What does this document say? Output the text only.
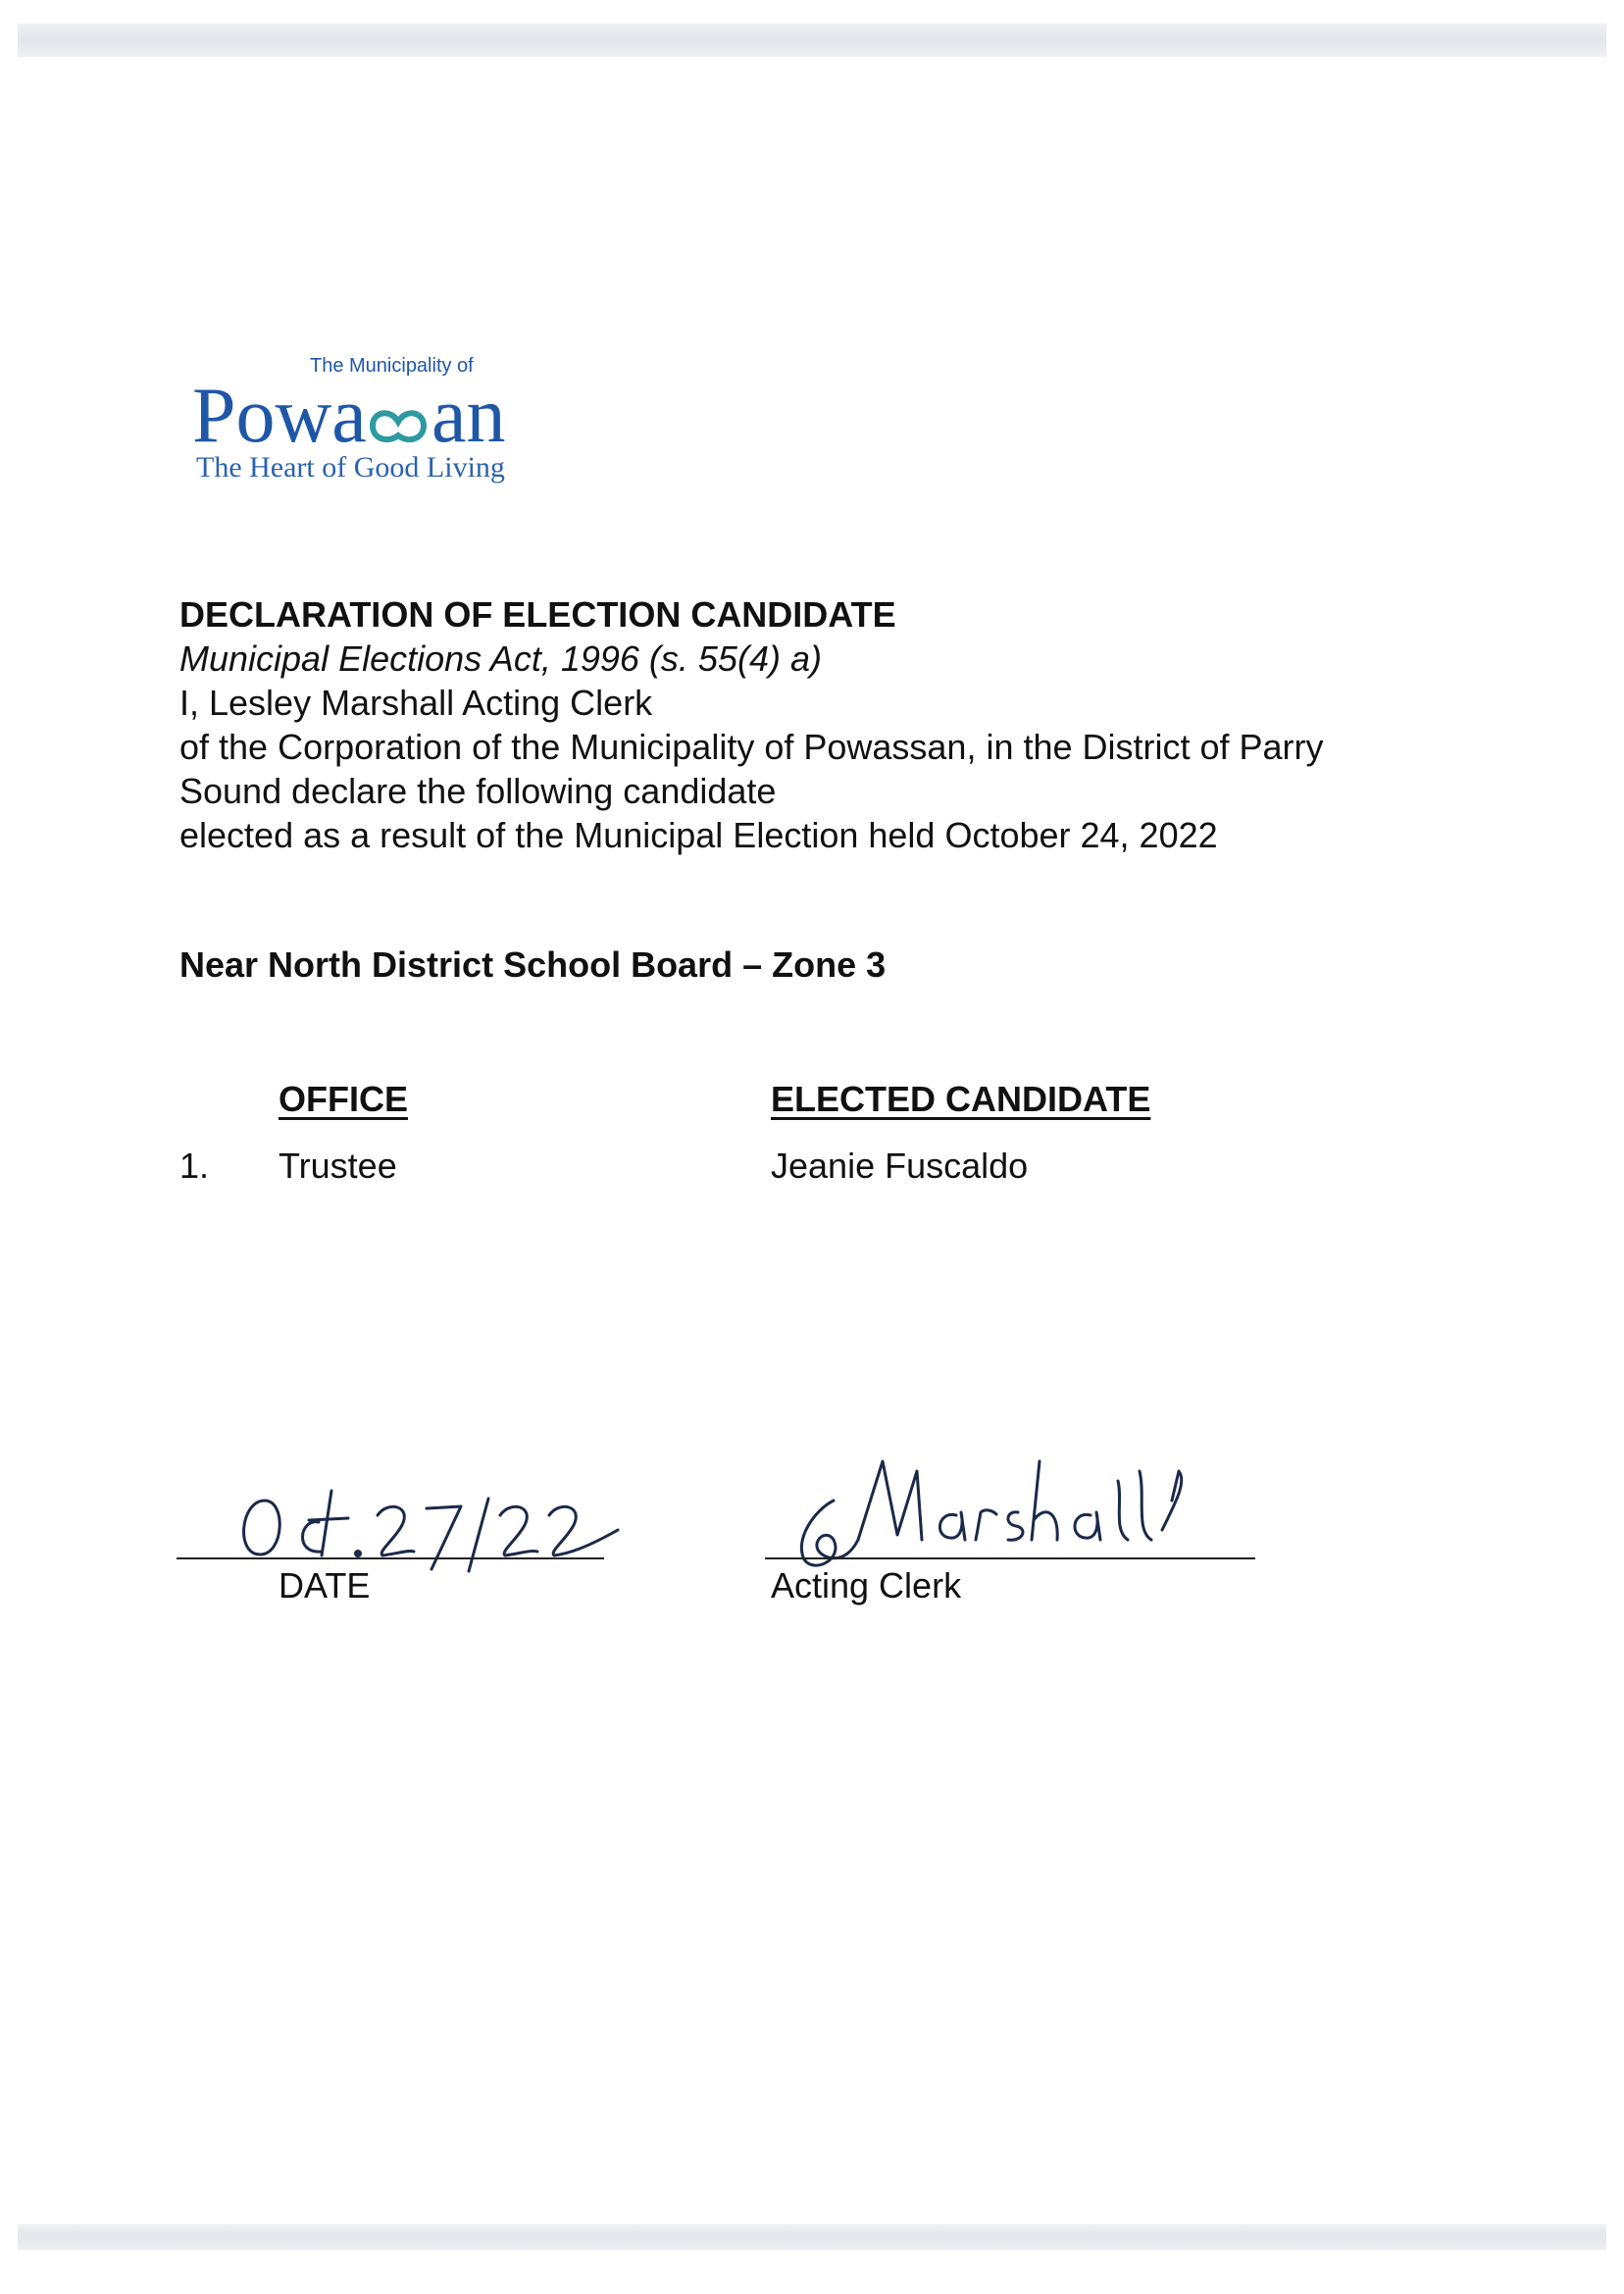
The Municipality of
Powa an
The Heart of Good Living
DECLARATION OF ELECTION CANDIDATE
Municipal Elections Act, 1996 (s. 55(4) a)
I, Lesley Marshall Acting Clerk
of the Corporation of the Municipality of Powassan, in the District of Parry
Sound declare the following candidate
elected as a result of the Municipal Election held October 24, 2022
Near North District School Board – Zone 3
OFFICE	ELECTED CANDIDATE
1. Trustee	Jeanie Fuscaldo
DATE	Acting Clerk
